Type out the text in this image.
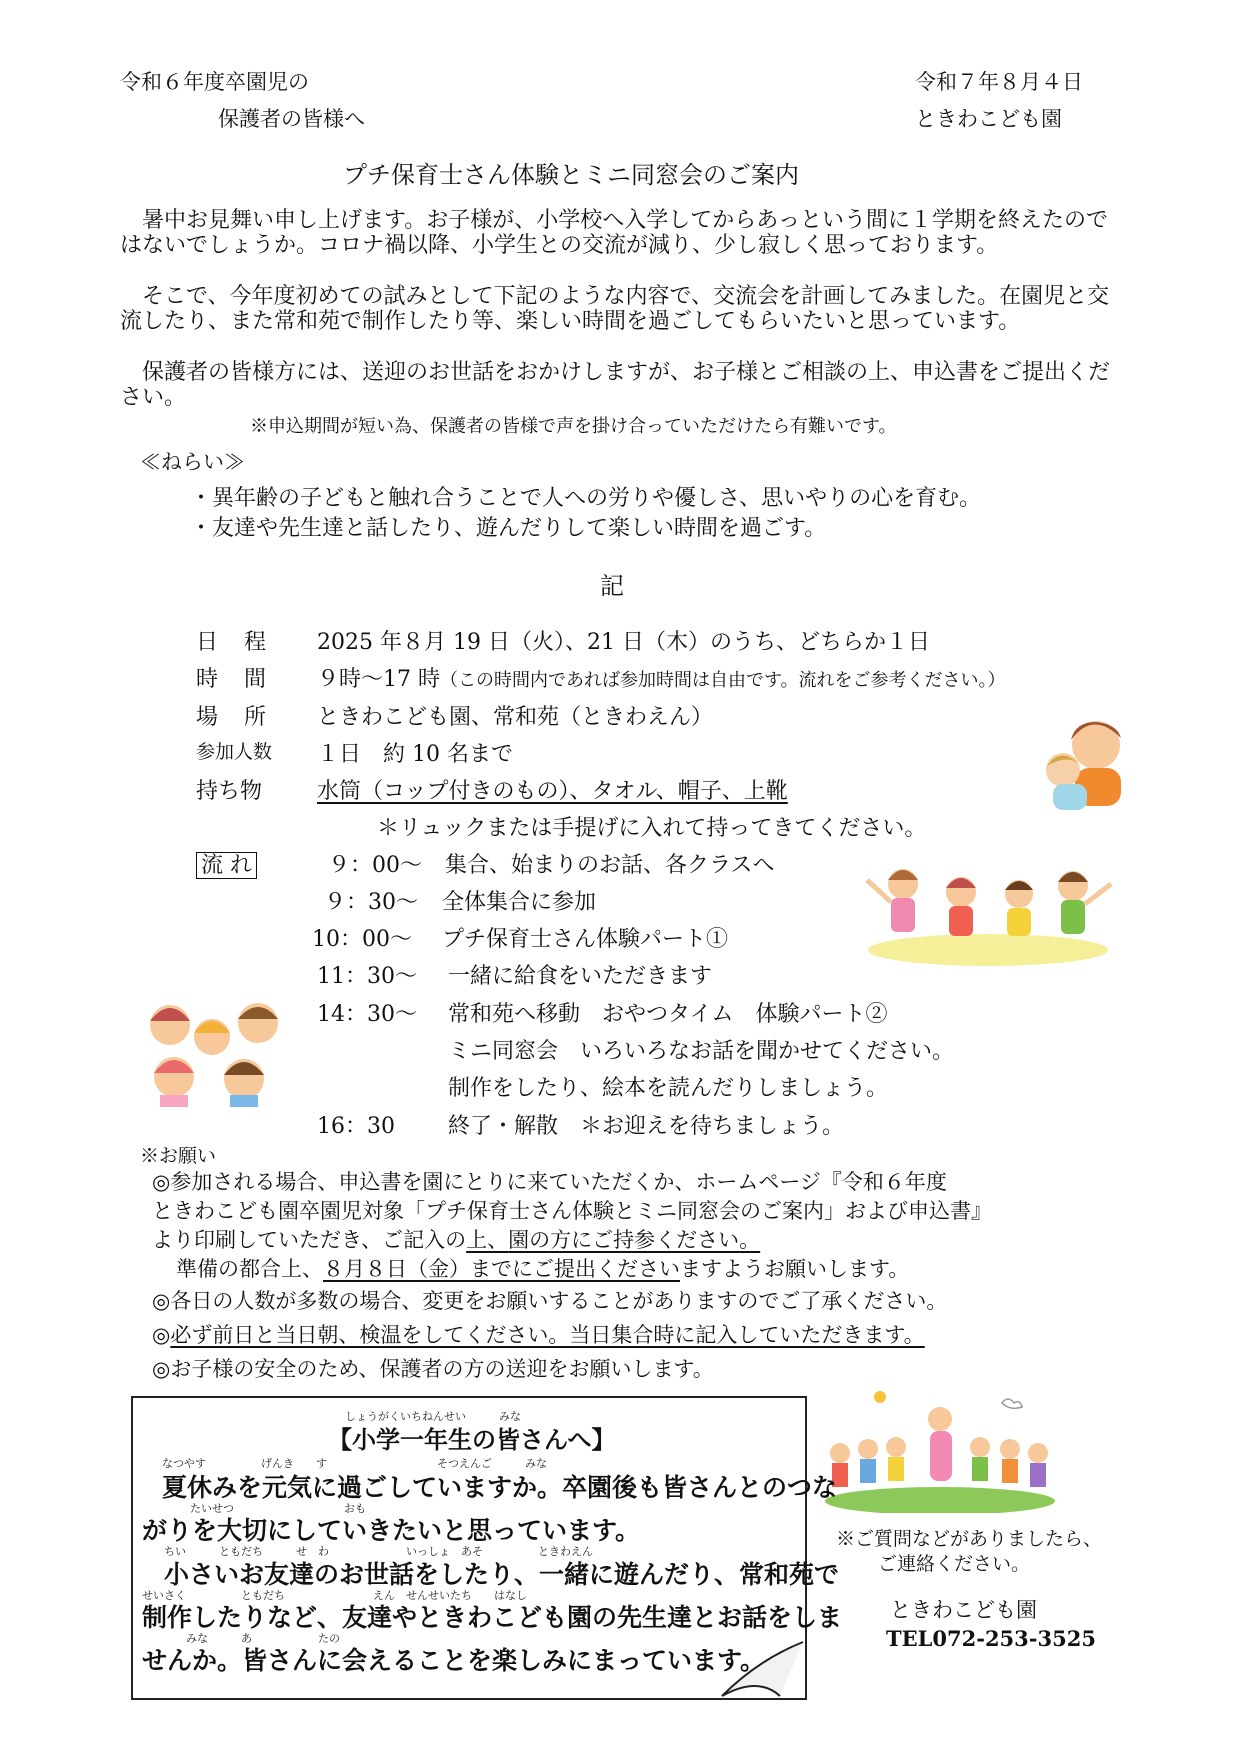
令和６年度卒園児の
保護者の皆様へ
令和７年８月４日
ときわこども園
プチ保育士さん体験とミニ同窓会のご案内
暑中お見舞い申し上げます。お子様が、小学校へ入学してからあっという間に１学期を終えたのではないでしょうか。コロナ禍以降、小学生との交流が減り、少し寂しく思っております。
そこで、今年度初めての試みとして下記のような内容で、交流会を計画してみました。在園児と交流したり、また常和苑で制作したり等、楽しい時間を過ごしてもらいたいと思っています。
保護者の皆様方には、送迎のお世話をおかけしますが、お子様とご相談の上、申込書をご提出ください。
※申込期間が短い為、保護者の皆様で声を掛け合っていただけたら有難いです。
≪ねらい≫
・異年齢の子どもと触れ合うことで人への労りや優しさ、思いやりの心を育む。
・友達や先生達と話したり、遊んだりして楽しい時間を過ごす。
記
日　程 2025 年８月 19 日（火）、21 日（木）のうち、どちらか１日
時　間 ９時～17 時（この時間内であれば参加時間は自由です。流れをご参考ください。）
場　所 ときわこども園、常和苑（ときわえん）
参加人数 １日　約 10 名まで
持ち物 水筒（コップ付きのもの）、タオル、帽子、上靴
＊リュックまたは手提げに入れて持ってきてください。
流 れ	９：00～ 集合、始まりのお話、各クラスへ
９：30～ 全体集合に参加
10：00～ プチ保育士さん体験パート①
11：30～ 一緒に給食をいただきます
14：30～ 常和苑へ移動　おやつタイム　体験パート②
ミニ同窓会　いろいろなお話を聞かせてください。
制作をしたり、絵本を読んだりしましょう。
16：30 終了・解散　＊お迎えを待ちましょう。
※お願い
◎参加される場合、申込書を園にとりに来ていただくか、ホームページ『令和６年度
ときわこども園卒園児対象「プチ保育士さん体験とミニ同窓会のご案内」および申込書』
より印刷していただき、ご記入の上、園の方にご持参ください。
準備の都合上、８月８日（金）までにご提出くださいますようお願いします。
◎各日の人数が多数の場合、変更をお願いすることがありますのでご了承ください。
◎必ず前日と当日朝、検温をしてください。当日集合時に記入していただきます。
◎お子様の安全のため、保護者の方の送迎をお願いします。
しょうがくいちねんせい　　　みな
【小学一年生の皆さんへ】
なつやす　　　　　げんき　　す　　　　　　　　　　そつえんご　　　みな
夏休みを元気に過ごしていますか。卒園後も皆さんとのつな
たいせつ　　　　　　　　　　おも
がりを大切にしていきたいと思っています。
ちい　　　ともだち　　　せ　わ　　　　　　　いっしょ　あそ　　　　　ときわえん
小さいお友達のお世話をしたり、一緒に遊んだり、常和苑で
せいさく　　　　　ともだち　　　　　　　　えん　せんせいたち　　はなし
制作したりなど、友達やときわこども園の先生達とお話をしま
　　　　みな　　　あ　　　　　　たの
せんか。皆さんに会えることを楽しみにまっています。
※ご質問などがありましたら、
ご連絡ください。
ときわこども園
TEL072-253-3525
